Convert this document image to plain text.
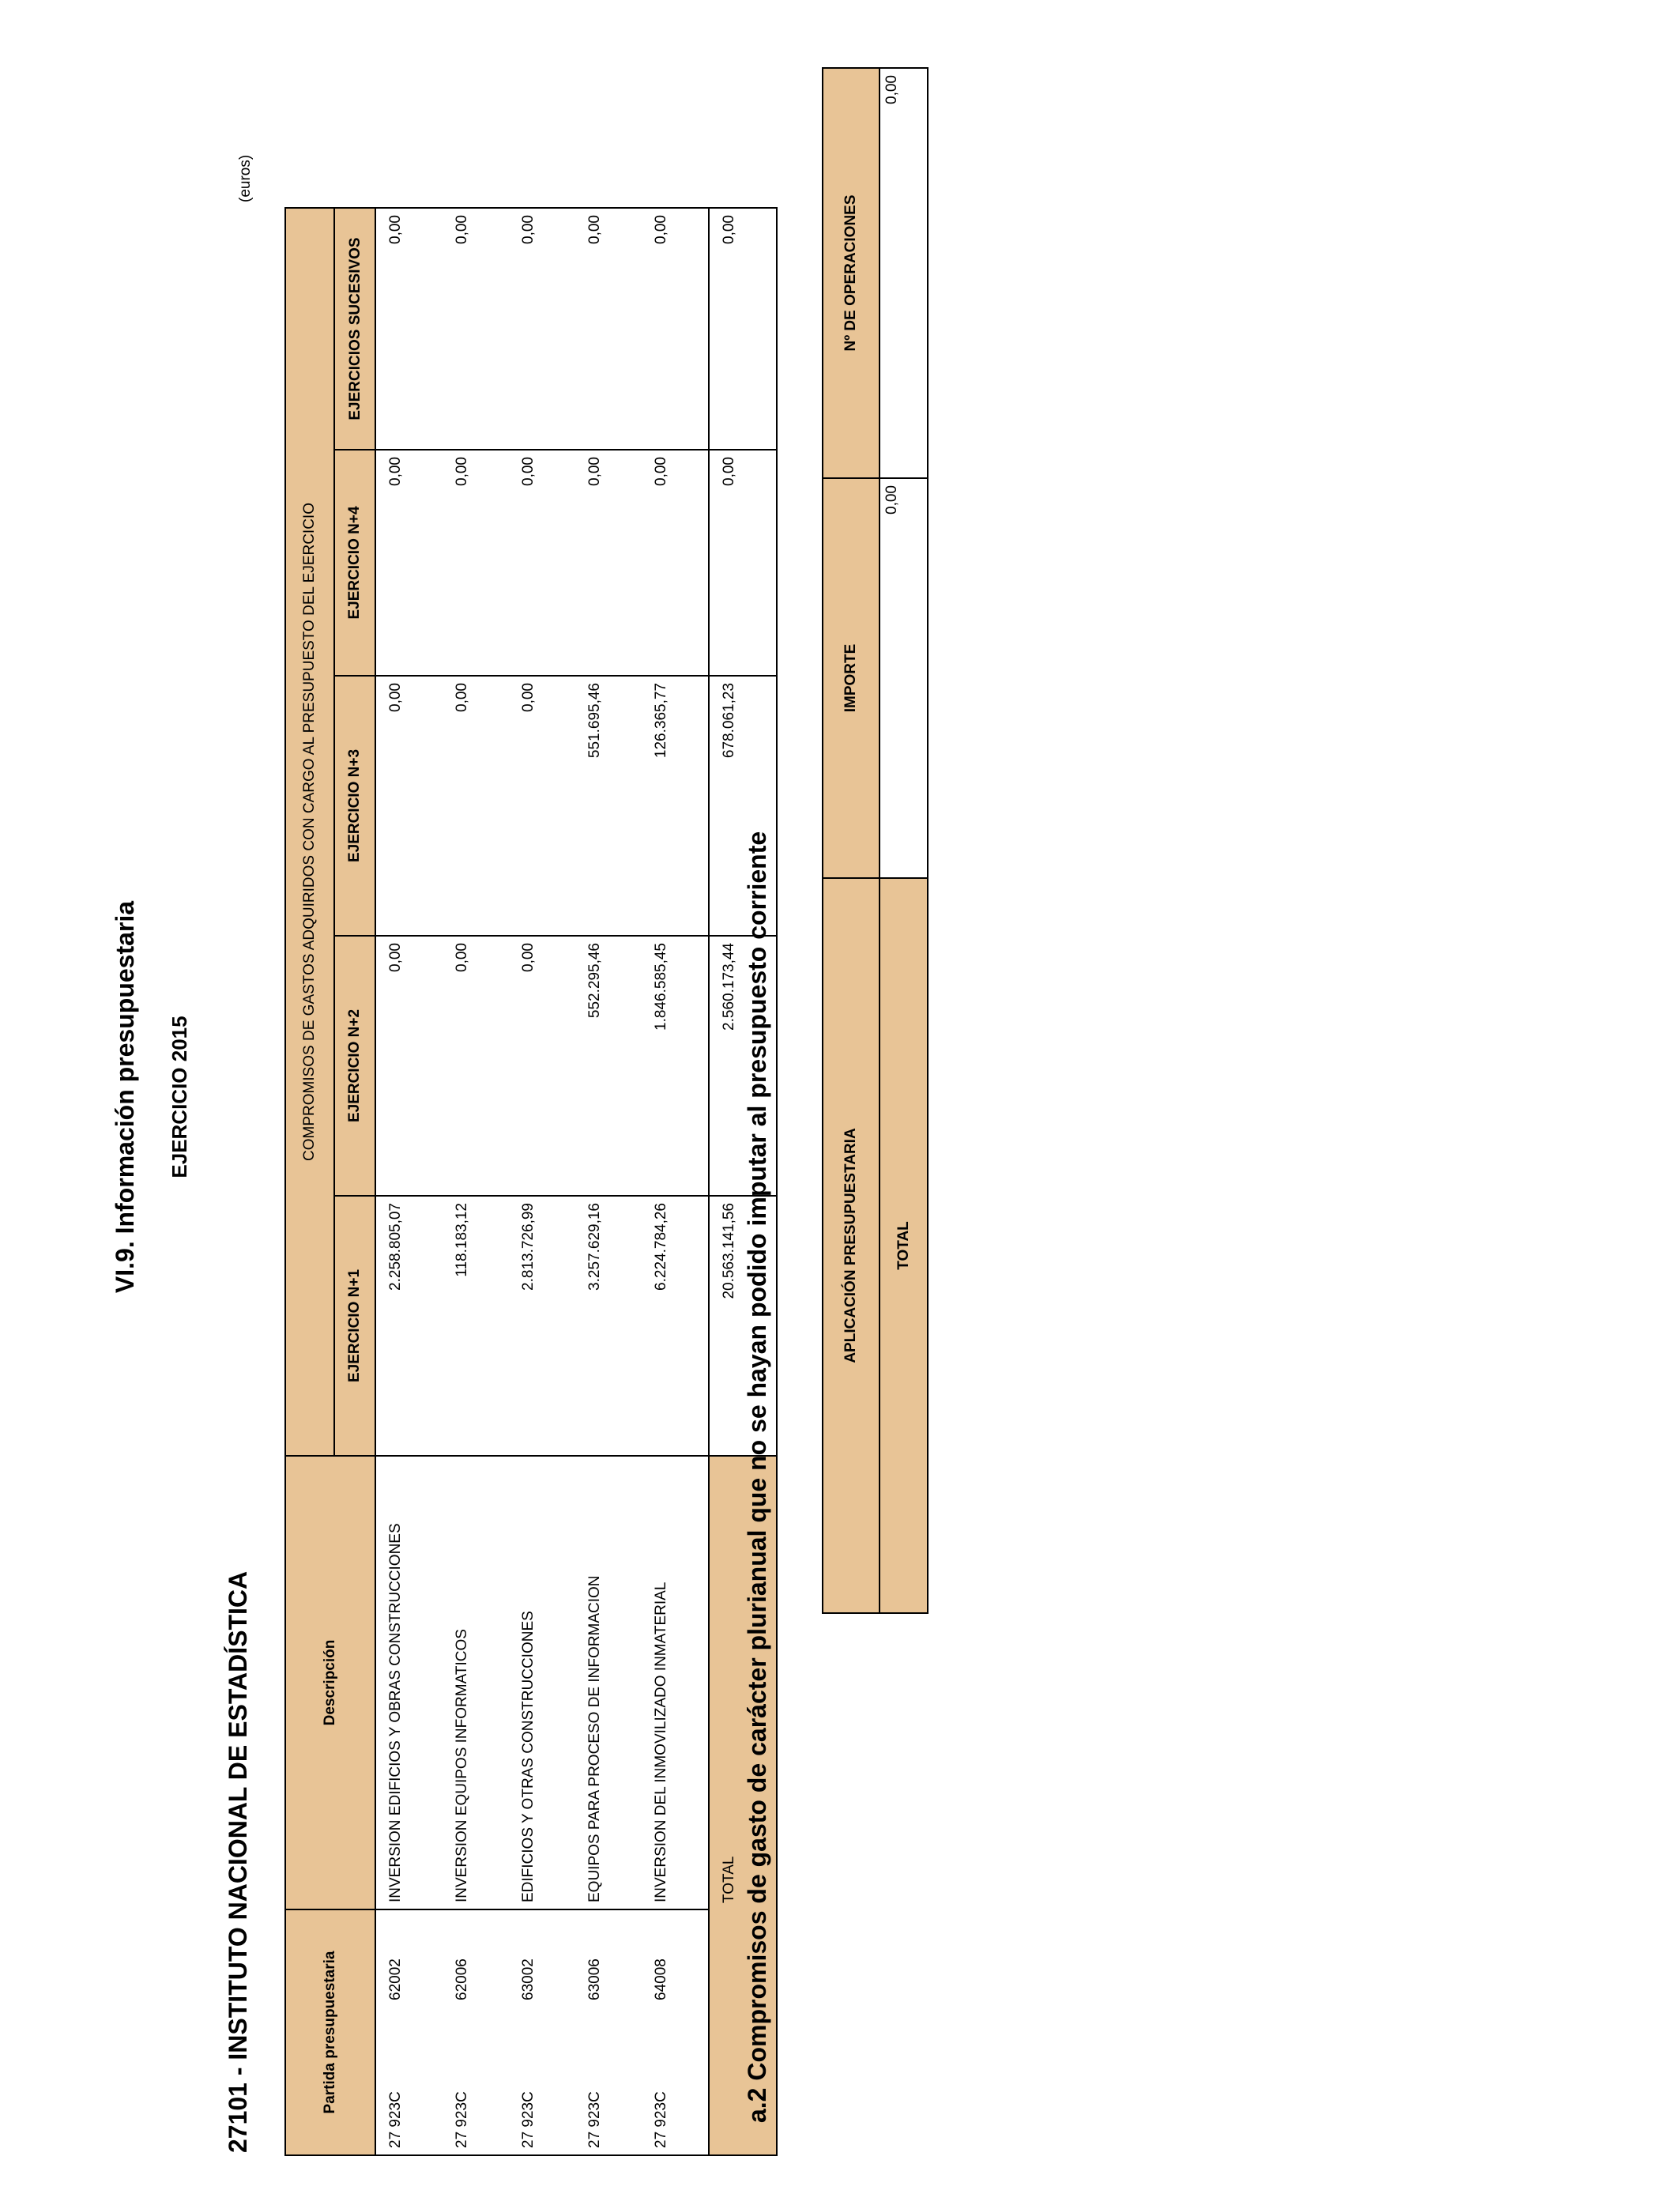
VI.9. Información presupuestaria EJERCICIO 2015
27101 - INSTITUTO NACIONAL DE ESTADÍSTICA
(euros)
Partida presupuestaria		Descripción	COMPROMISOS DE GASTOS ADQUIRIDOS CON CARGO AL PRESUPUESTO DEL EJERCICIO				
			EJERCICIO N+1	EJERCICIO N+2	EJERCICIO N+3	EJERCICIO N+4	EJERCICIOS SUCESIVOS
27 923C	62002	INVERSION EDIFICIOS Y OBRAS CONSTRUCCIONES	2.258.805,07	0,00	0,00	0,00	0,00
27 923C	62006	INVERSION EQUIPOS INFORMATICOS	118.183,12	0,00	0,00	0,00	0,00
27 923C	63002	EDIFICIOS Y OTRAS CONSTRUCCIONES	2.813.726,99	0,00	0,00	0,00	0,00
27 923C	63006	EQUIPOS PARA PROCESO DE INFORMACION	3.257.629,16	552.295,46	551.695,46	0,00	0,00
27 923C	64008	INVERSION DEL INMOVILIZADO INMATERIAL	6.224.784,26	1.846.585,45	126.365,77	0,00	0,00
		TOTAL	20.563.141,56	2.560.173,44	678.061,23	0,00	0,00
a.2 Compromisos de gasto de carácter plurianual que no se hayan podido imputar al presupuesto corriente	APLICACIÓN PRESUPUESTARIA	IMPORTE	Nº DE OPERACIONES
TOTAL	0,00	0,00
